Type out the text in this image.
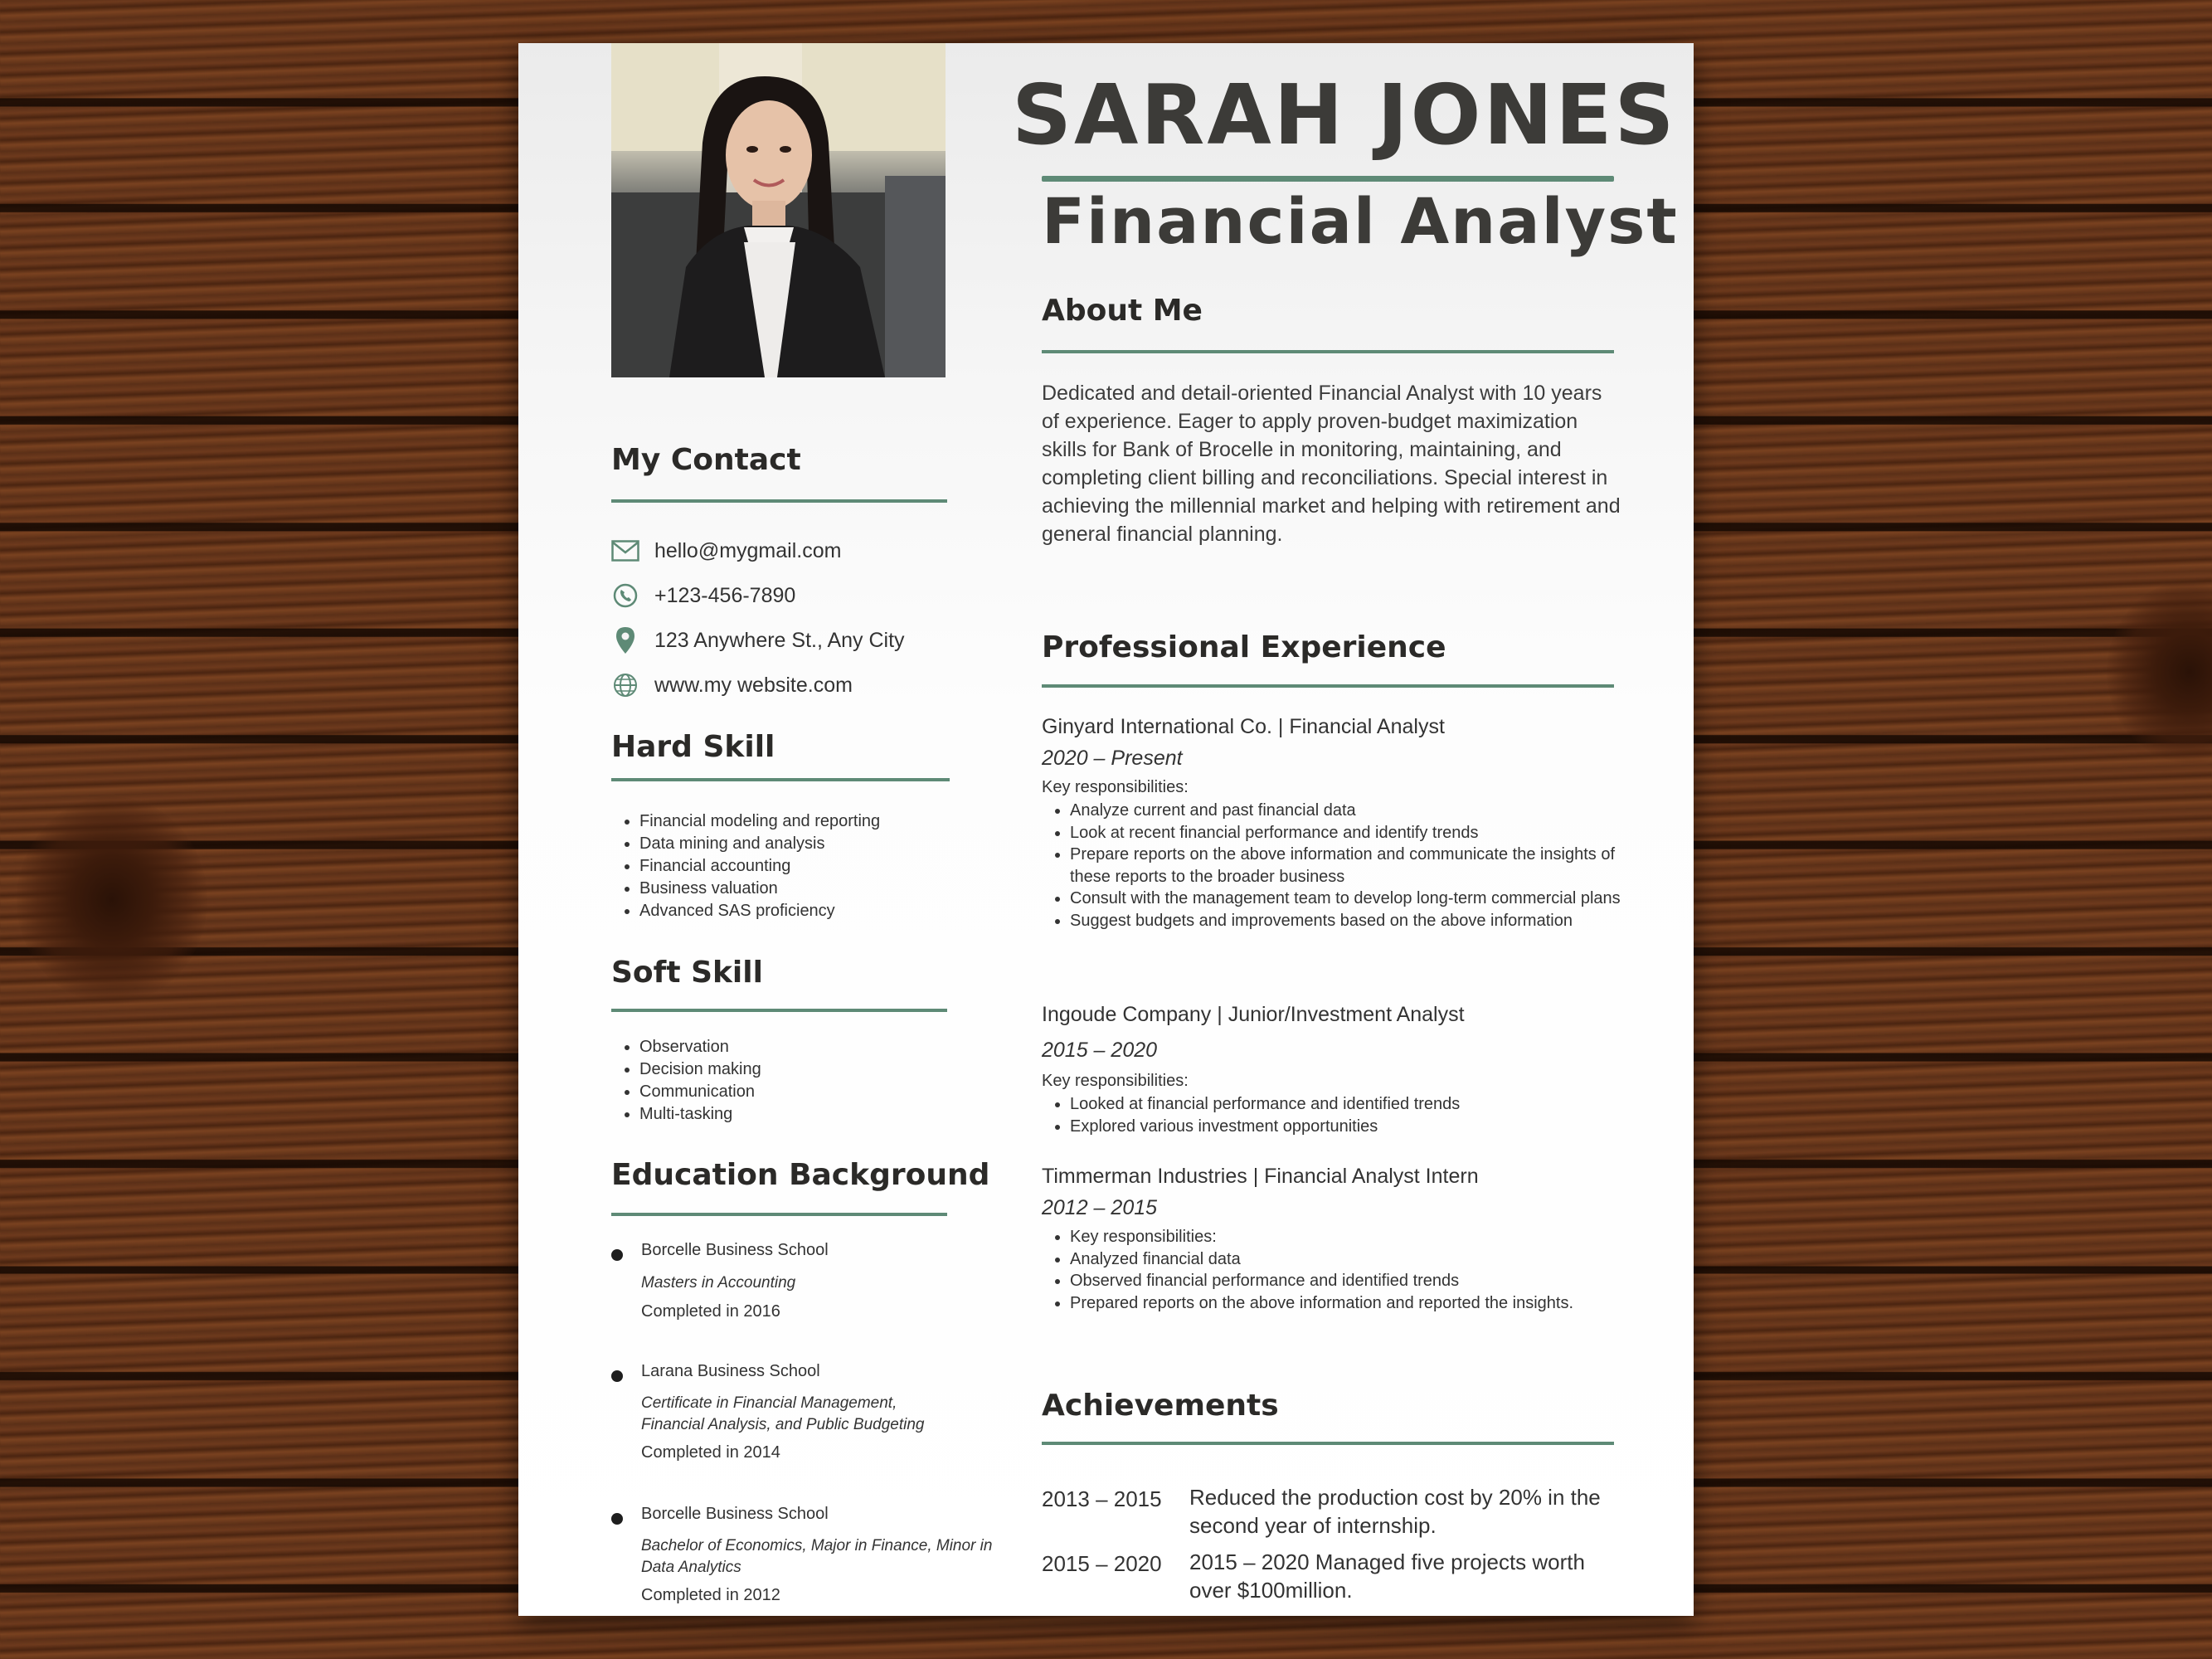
SARAH JONES
Financial Analyst
About Me
Dedicated and detail-oriented Financial Analyst with 10 years of experience. Eager to apply proven-budget maximization skills for Bank of Brocelle in monitoring, maintaining, and completing client billing and reconciliations. Special interest in achieving the millennial market and helping with retirement and general financial planning.
My Contact
hello@mygmail.com
+123-456-7890
123 Anywhere St., Any City
www.my website.com
Hard Skill
• Financial modeling and reporting
• Data mining and analysis
• Financial accounting
• Business valuation
• Advanced SAS proficiency
Soft Skill
• Observation
• Decision making
• Communication
• Multi-tasking
Education Background
Borcelle Business School
Masters in Accounting
Completed in 2016
Larana Business School
Certificate in Financial Management, Financial Analysis, and Public Budgeting
Completed in 2014
Borcelle Business School
Bachelor of Economics, Major in Finance, Minor in Data Analytics
Completed in 2012
Professional Experience
Ginyard International Co. | Financial Analyst
2020 – Present
Key responsibilities:
• Analyze current and past financial data
• Look at recent financial performance and identify trends
• Prepare reports on the above information and communicate the insights of these reports to the broader business
• Consult with the management team to develop long-term commercial plans
• Suggest budgets and improvements based on the above information
Ingoude Company | Junior/Investment Analyst
2015 – 2020
Key responsibilities:
• Looked at financial performance and identified trends
• Explored various investment opportunities
Timmerman Industries | Financial Analyst Intern
2012 – 2015
• Key responsibilities:
• Analyzed financial data
• Observed financial performance and identified trends
• Prepared reports on the above information and reported the insights.
Achievements
2013 – 2015 Reduced the production cost by 20% in the second year of internship.
2015 – 2020 2015 – 2020 Managed five projects worth over $100million.
